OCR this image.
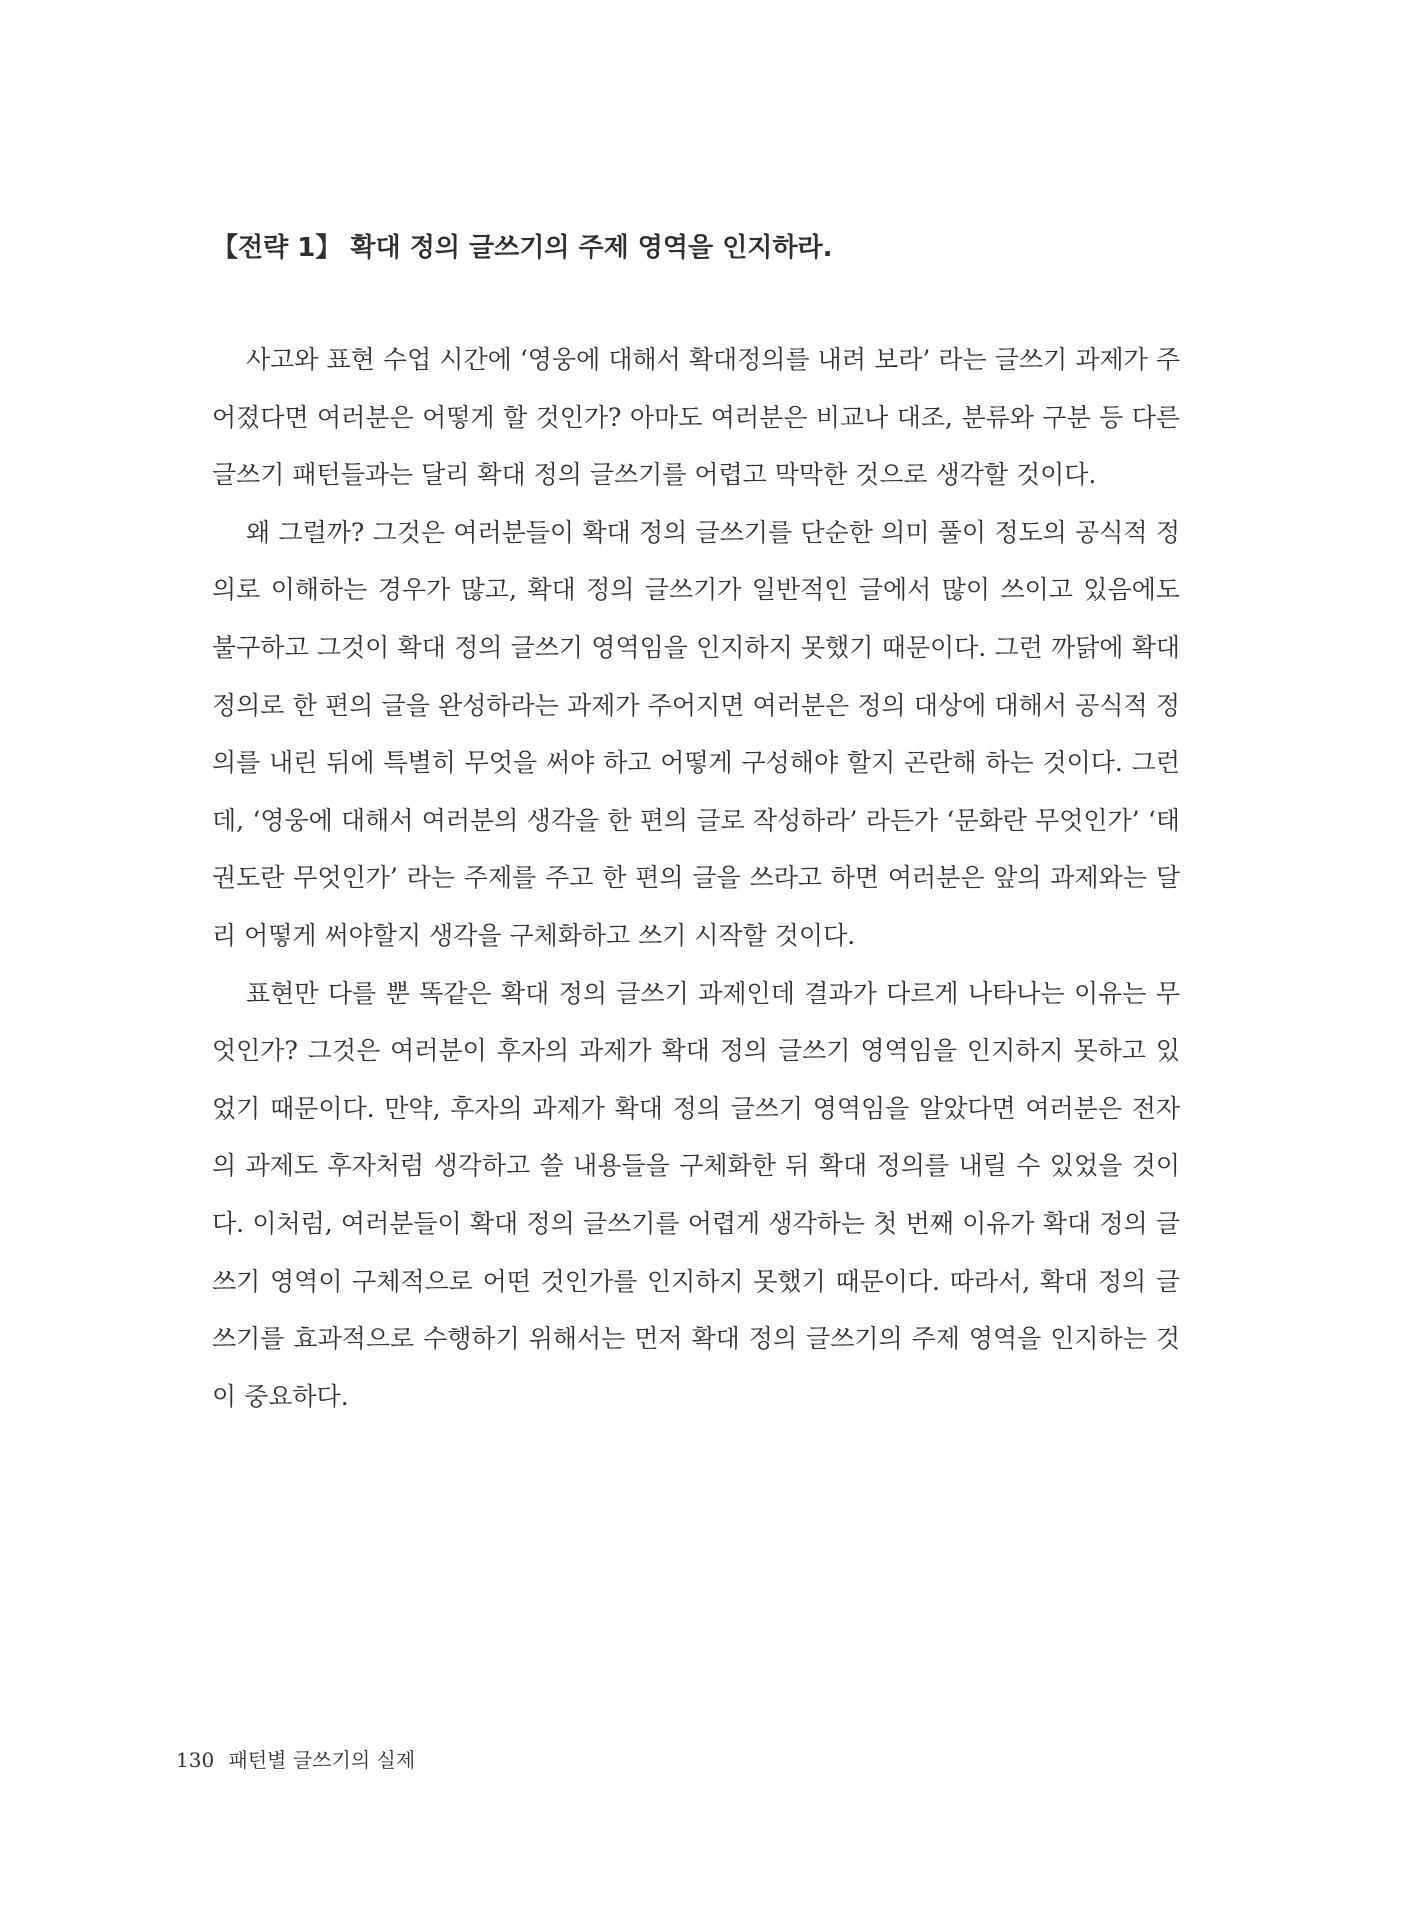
【전략 1】 확대 정의 글쓰기의 주제 영역을 인지하라.

사고와 표현 수업 시간에 ‘영웅에 대해서 확대정의를 내려 보라’ 라는 글쓰기 과제가 주어졌다면 여러분은 어떻게 할 것인가? 아마도 여러분은 비교나 대조, 분류와 구분 등 다른 글쓰기 패턴들과는 달리 확대 정의 글쓰기를 어렵고 막막한 것으로 생각할 것이다.

왜 그럴까? 그것은 여러분들이 확대 정의 글쓰기를 단순한 의미 풀이 정도의 공식적 정의로 이해하는 경우가 많고, 확대 정의 글쓰기가 일반적인 글에서 많이 쓰이고 있음에도 불구하고 그것이 확대 정의 글쓰기 영역임을 인지하지 못했기 때문이다. 그런 까닭에 확대 정의로 한 편의 글을 완성하라는 과제가 주어지면 여러분은 정의 대상에 대해서 공식적 정의를 내린 뒤에 특별히 무엇을 써야 하고 어떻게 구성해야 할지 곤란해 하는 것이다. 그런데, ‘영웅에 대해서 여러분의 생각을 한 편의 글로 작성하라’ 라든가 ‘문화란 무엇인가’ ‘태권도란 무엇인가’ 라는 주제를 주고 한 편의 글을 쓰라고 하면 여러분은 앞의 과제와는 달리 어떻게 써야할지 생각을 구체화하고 쓰기 시작할 것이다.

표현만 다를 뿐 똑같은 확대 정의 글쓰기 과제인데 결과가 다르게 나타나는 이유는 무엇인가? 그것은 여러분이 후자의 과제가 확대 정의 글쓰기 영역임을 인지하지 못하고 있었기 때문이다. 만약, 후자의 과제가 확대 정의 글쓰기 영역임을 알았다면 여러분은 전자의 과제도 후자처럼 생각하고 쓸 내용들을 구체화한 뒤 확대 정의를 내릴 수 있었을 것이다. 이처럼, 여러분들이 확대 정의 글쓰기를 어렵게 생각하는 첫 번째 이유가 확대 정의 글쓰기 영역이 구체적으로 어떤 것인가를 인지하지 못했기 때문이다. 따라서, 확대 정의 글쓰기를 효과적으로 수행하기 위해서는 먼저 확대 정의 글쓰기의 주제 영역을 인지하는 것이 중요하다.

130 패턴별 글쓰기의 실제
